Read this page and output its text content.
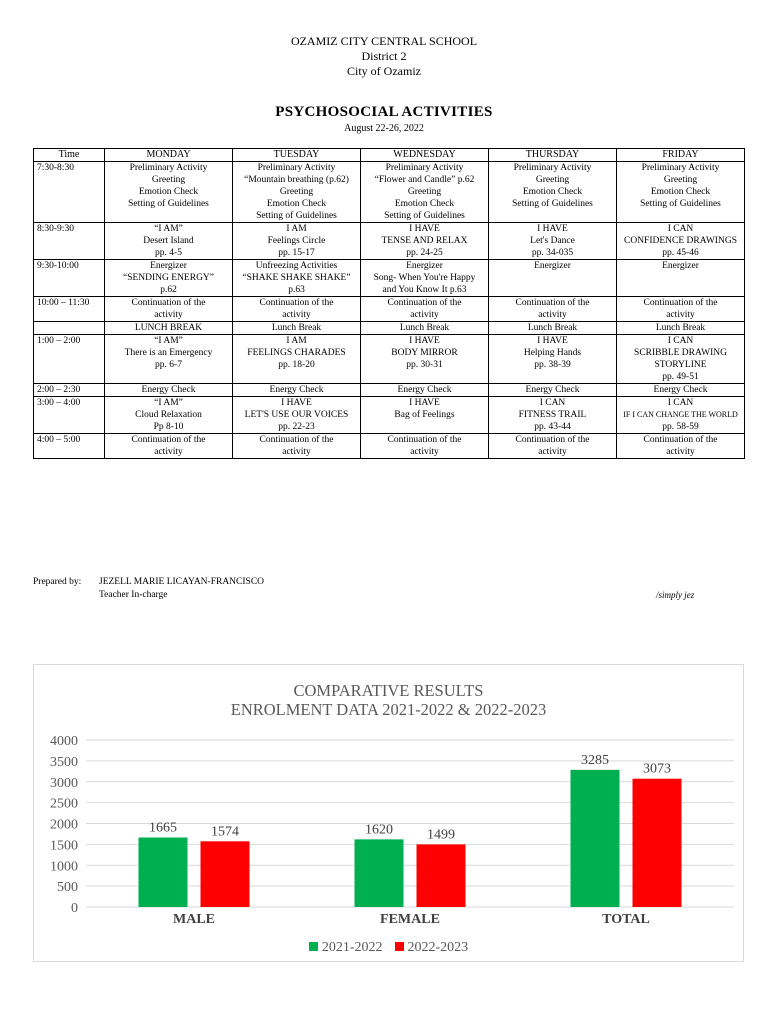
OZAMIZ CITY CENTRAL SCHOOL
District 2
City of Ozamiz
PSYCHOSOCIAL ACTIVITIES
August 22-26, 2022
Time	MONDAY	TUESDAY	WEDNESDAY	THURSDAY	FRIDAY
7:30-8:30	Preliminary Activity
Greeting
Emotion Check
Setting of Guidelines	Preliminary Activity
“Mountain breathing (p.62)
Greeting
Emotion Check
Setting of Guidelines	Preliminary Activity
“Flower and Candle” p.62
Greeting
Emotion Check
Setting of Guidelines	Preliminary Activity
Greeting
Emotion Check
Setting of Guidelines	Preliminary Activity
Greeting
Emotion Check
Setting of Guidelines

8:30-9:30	“I AM”
Desert Island
pp. 4-5	I AM
Feelings Circle
pp. 15-17	I HAVE
TENSE AND RELAX
pp. 24-25	I HAVE
Let's Dance
pp. 34-035	I CAN
CONFIDENCE DRAWINGS
pp. 45-46

9:30-10:00	Energizer
“SENDING ENERGY”
p.62	Unfreezing Activities
“SHAKE SHAKE SHAKE”
p.63	Energizer
Song- When You're Happy
and You Know It p.63	Energizer	Energizer

10:00 – 11:30	Continuation of the
activity	Continuation of the
activity	Continuation of the
activity	Continuation of the
activity	Continuation of the
activity

	LUNCH BREAK	Lunch Break	Lunch Break	Lunch Break	Lunch Break

1:00 – 2:00	“I AM”
There is an Emergency
pp. 6-7	I AM
FEELINGS CHARADES
pp. 18-20	I HAVE
BODY MIRROR
pp. 30-31	I HAVE
Helping Hands
pp. 38-39	I CAN
SCRIBBLE DRAWING
STORYLINE
pp. 49-51

2:00 – 2:30	Energy Check	Energy Check	Energy Check	Energy Check	Energy Check

3:00 – 4:00	“I AM”
Cloud Relaxation
Pp 8-10	I HAVE
LET'S USE OUR VOICES
pp. 22-23	I HAVE
Bag of Feelings	I CAN
FITNESS TRAIL
pp. 43-44	I CAN
IF I CAN CHANGE THE WORLD
pp. 58-59

4:00 – 5:00	Continuation of the
activity	Continuation of the
activity	Continuation of the
activity	Continuation of the
activity	Continuation of the
activity
Prepared by: JEZELL MARIE LICAYAN-FRANCISCO
Teacher In-charge	/simply jez
COMPARATIVE RESULTS
ENROLMENT DATA 2021-2022 & 2022-2023
0
500
1000
1500
2000
2500
3000
3500
4000
MALE
1665 1574
FEMALE
1620 1499
TOTAL
3285
3073
2021-2022 2022-2023
